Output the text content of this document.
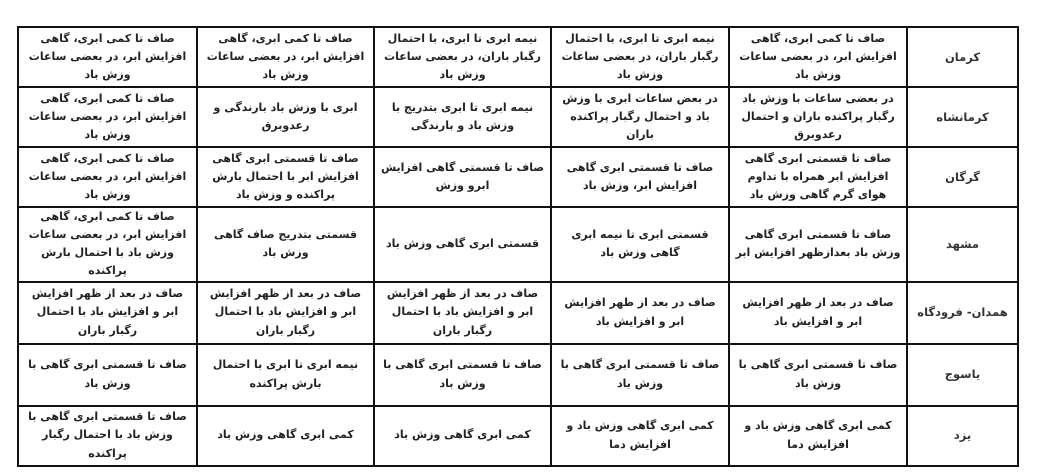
کرمان	صاف تا کمی ابری، گاهی افزایش ابر، در بعضی ساعات وزش باد	نیمه ابری تا ابری، با احتمال رگبار باران، در بعضی ساعات وزش باد	نیمه ابری تا ابری، با احتمال رگبار باران، در بعضی ساعات وزش باد	صاف تا کمی ابری، گاهی افزایش ابر، در بعضی ساعات وزش باد	صاف تا کمی ابری، گاهی افزایش ابر، در بعضی ساعات وزش باد
کرمانشاه	در بعضی ساعات با وزش باد رگبار پراکنده باران و احتمال رعدوبرق	در بعض ساعات ابری با وزش باد و احتمال رگبار پراکنده باران	نیمه ابری تا ابری بتدریج با وزش باد و بارندگی	ابری با وزش باد بارندگی و رعدوبرق	صاف تا کمی ابری، گاهی افزایش ابر، در بعضی ساعات وزش باد
گرگان	صاف تا قسمتی ابری گاهی افزایش ابر همراه با تداوم هوای گرم گاهی وزش باد	صاف تا قسمتی ابری گاهی افزایش ابر، وزش باد	صاف تا قسمتی گاهی افزایش ابرو وزش	صاف تا قسمتی ابری گاهی افزایش ابر با احتمال بارش پراکنده و وزش باد	صاف تا کمی ابری، گاهی افزایش ابر، در بعضی ساعات وزش باد
مشهد	صاف تا قسمتی ابری گاهی وزش باد بعدازظهر افزایش ابر	قسمتی ابری تا نیمه ابری گاهی وزش باد	قسمتی ابری گاهی وزش باد	قسمتی بتدریج صاف گاهی وزش باد	صاف تا کمی ابری، گاهی افزایش ابر، در بعضی ساعات وزش باد با احتمال بارش پراکنده
همدان- فرودگاه	صاف در بعد از ظهر افزایش ابر و افزایش باد	صاف در بعد از ظهر افزایش ابر و افزایش باد	صاف در بعد از ظهر افزایش ابر و افزایش باد با احتمال رگبار باران	صاف در بعد از ظهر افزایش ابر و افزایش باد با احتمال رگبار باران	صاف در بعد از ظهر افزایش ابر و افزایش باد با احتمال رگبار باران
یاسوج	صاف تا قسمتی ابری گاهی با وزش باد	صاف تا قسمتی ابری گاهی با وزش باد	صاف تا قسمتی ابری گاهی با وزش باد	نیمه ابری تا ابری با احتمال بارش پراکنده	صاف تا قسمتی ابری گاهی با وزش باد
یزد	کمی ابری گاهی وزش باد و افزایش دما	کمی ابری گاهی وزش باد و افزایش دما	کمی ابری گاهی وزش باد	کمی ابری گاهی وزش باد	صاف تا قسمتی ابری گاهی با وزش باد با احتمال رگبار پراکنده
